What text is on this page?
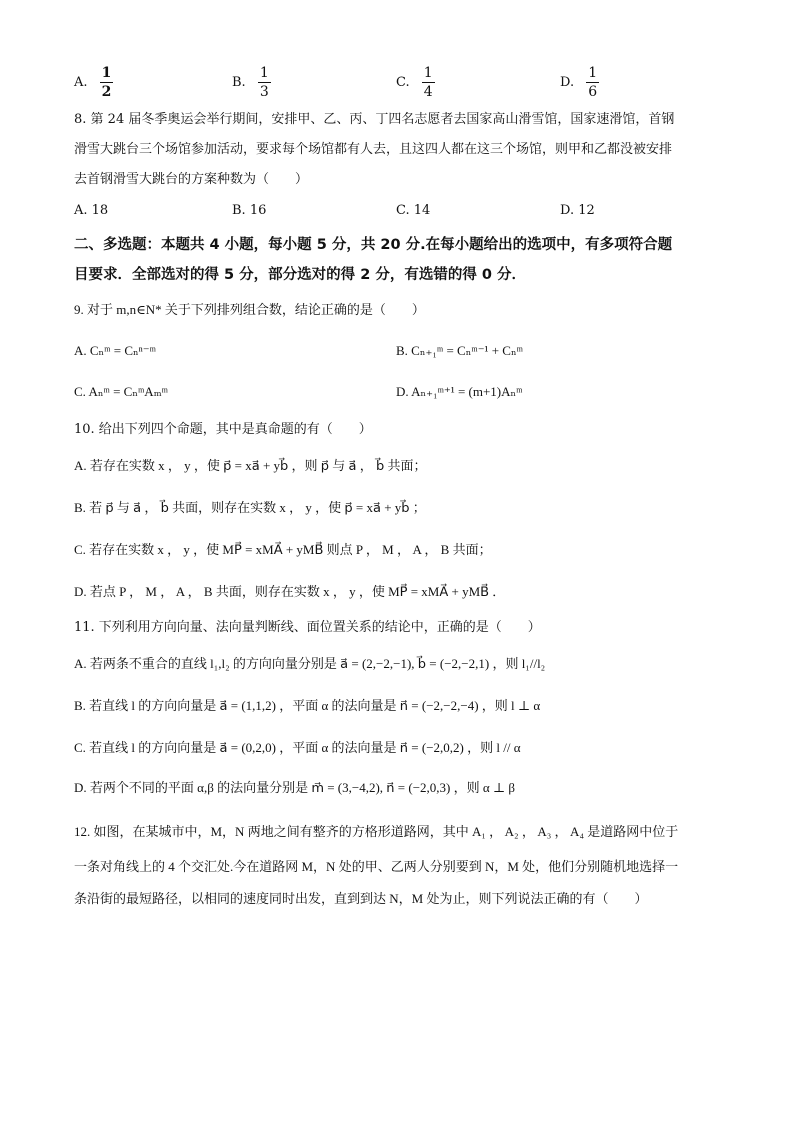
A. $\frac{1}{2}$	B. $\frac{1}{3}$	C. $\frac{1}{4}$	D. $\frac{1}{6}$
8. 第 24 届冬季奥运会举行期间，安排甲、乙、丙、丁四名志愿者去国家高山滑雪馆，国家速滑馆，首钢
滑雪大跳台三个场馆参加活动，要求每个场馆都有人去，且这四人都在这三个场馆，则甲和乙都没被安排
去首钢滑雪大跳台的方案种数为（　　）
A. 18	B. 16	C. 14	D. 12
二、多选题：本题共 4 小题，每小题 5 分，共 20 分.在每小题给出的选项中，有多项符合题
目要求．全部选对的得 5 分，部分选对的得 2 分，有选错的得 0 分．
9. 对于 m,n∈N* 关于下列排列组合数，结论正确的是（　　）
A. Cₙᵐ = Cₙⁿ⁻ᵐ	B. Cₙ₊₁ᵐ = Cₙᵐ⁻¹ + Cₙᵐ
C. Aₙᵐ = CₙᵐAₘᵐ	D. Aₙ₊₁ᵐ⁺¹ = (m+1)Aₙᵐ
10. 给出下列四个命题，其中是真命题的有（　　）
A. 若存在实数 x ， y ，使 p⃗ = xa⃗ + yb⃗ ，则 p⃗ 与 a⃗ ， b⃗ 共面；
B. 若 p⃗ 与 a⃗ ， b⃗ 共面，则存在实数 x ， y ，使 p⃗ = xa⃗ + yb⃗ ；
C. 若存在实数 x ， y ，使 MP⃗ = xMA⃗ + yMB⃗ 则点 P ， M ， A ， B 共面；
D. 若点 P ， M ， A ， B 共面，则存在实数 x ， y ，使 MP⃗ = xMA⃗ + yMB⃗ ．
11. 下列利用方向向量、法向量判断线、面位置关系的结论中，正确的是（　　）
A. 若两条不重合的直线 l₁,l₂ 的方向向量分别是 a⃗ = (2,−2,−1), b⃗ = (−2,−2,1) ，则 l₁//l₂
B. 若直线 l 的方向向量是 a⃗ = (1,1,2) ，平面 α 的法向量是 n⃗ = (−2,−2,−4) ，则 l ⊥ α
C. 若直线 l 的方向向量是 a⃗ = (0,2,0) ，平面 α 的法向量是 n⃗ = (−2,0,2) ，则 l // α
D. 若两个不同的平面 α,β 的法向量分别是 m⃗ = (3,−4,2), n⃗ = (−2,0,3) ，则 α ⊥ β
12. 如图，在某城市中，M，N 两地之间有整齐的方格形道路网，其中 A₁ ， A₂ ， A₃ ， A₄ 是道路网中位于
一条对角线上的 4 个交汇处.今在道路网 M，N 处的甲、乙两人分别要到 N，M 处，他们分别随机地选择一
条沿街的最短路径，以相同的速度同时出发，直到到达 N，M 处为止，则下列说法正确的有（　　）
